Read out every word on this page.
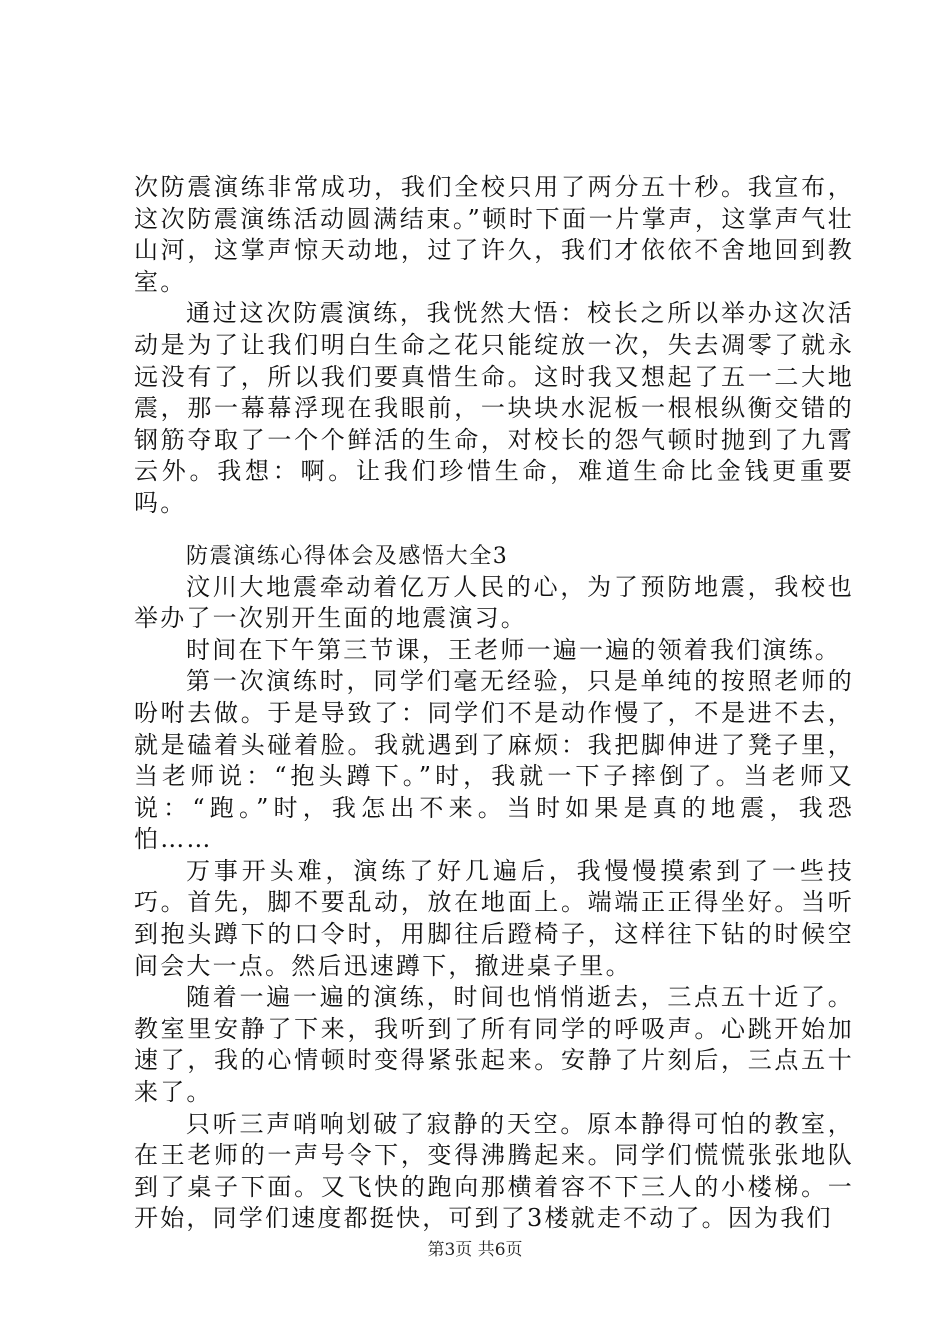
次防震演练非常成功，我们全校只用了两分五十秒。我宣布，这次防震演练活动圆满结束。”顿时下面一片掌声，这掌声气壮山河，这掌声惊天动地，过了许久，我们才依依不舍地回到教室。

通过这次防震演练，我恍然大悟：校长之所以举办这次活动是为了让我们明白生命之花只能绽放一次，失去凋零了就永远没有了，所以我们要真惜生命。这时我又想起了五一二大地震，那一幕幕浮现在我眼前，一块块水泥板一根根纵衡交错的钢筋夺取了一个个鲜活的生命，对校长的怨气顿时抛到了九霄云外。我想：啊。让我们珍惜生命，难道生命比金钱更重要吗。

防震演练心得体会及感悟大全3

汶川大地震牵动着亿万人民的心，为了预防地震，我校也举办了一次别开生面的地震演习。

时间在下午第三节课，王老师一遍一遍的领着我们演练。

第一次演练时，同学们毫无经验，只是单纯的按照老师的吩咐去做。于是导致了：同学们不是动作慢了，不是进不去，就是磕着头碰着脸。我就遇到了麻烦：我把脚伸进了凳子里，当老师说：“抱头蹲下。”时，我就一下子摔倒了。当老师又说：“跑。”时，我怎出不来。当时如果是真的地震，我恐怕……

万事开头难，演练了好几遍后，我慢慢摸索到了一些技巧。首先，脚不要乱动，放在地面上。端端正正得坐好。当听到抱头蹲下的口令时，用脚往后蹬椅子，这样往下钻的时候空间会大一点。然后迅速蹲下，撤进桌子里。

随着一遍一遍的演练，时间也悄悄逝去，三点五十近了。教室里安静了下来，我听到了所有同学的呼吸声。心跳开始加速了，我的心情顿时变得紧张起来。安静了片刻后，三点五十来了。

只听三声哨响划破了寂静的天空。原本静得可怕的教室，在王老师的一声号令下，变得沸腾起来。同学们慌慌张张地队到了桌子下面。又飞快的跑向那横着容不下三人的小楼梯。一开始，同学们速度都挺快，可到了3楼就走不动了。因为我们

第3页 共6页
